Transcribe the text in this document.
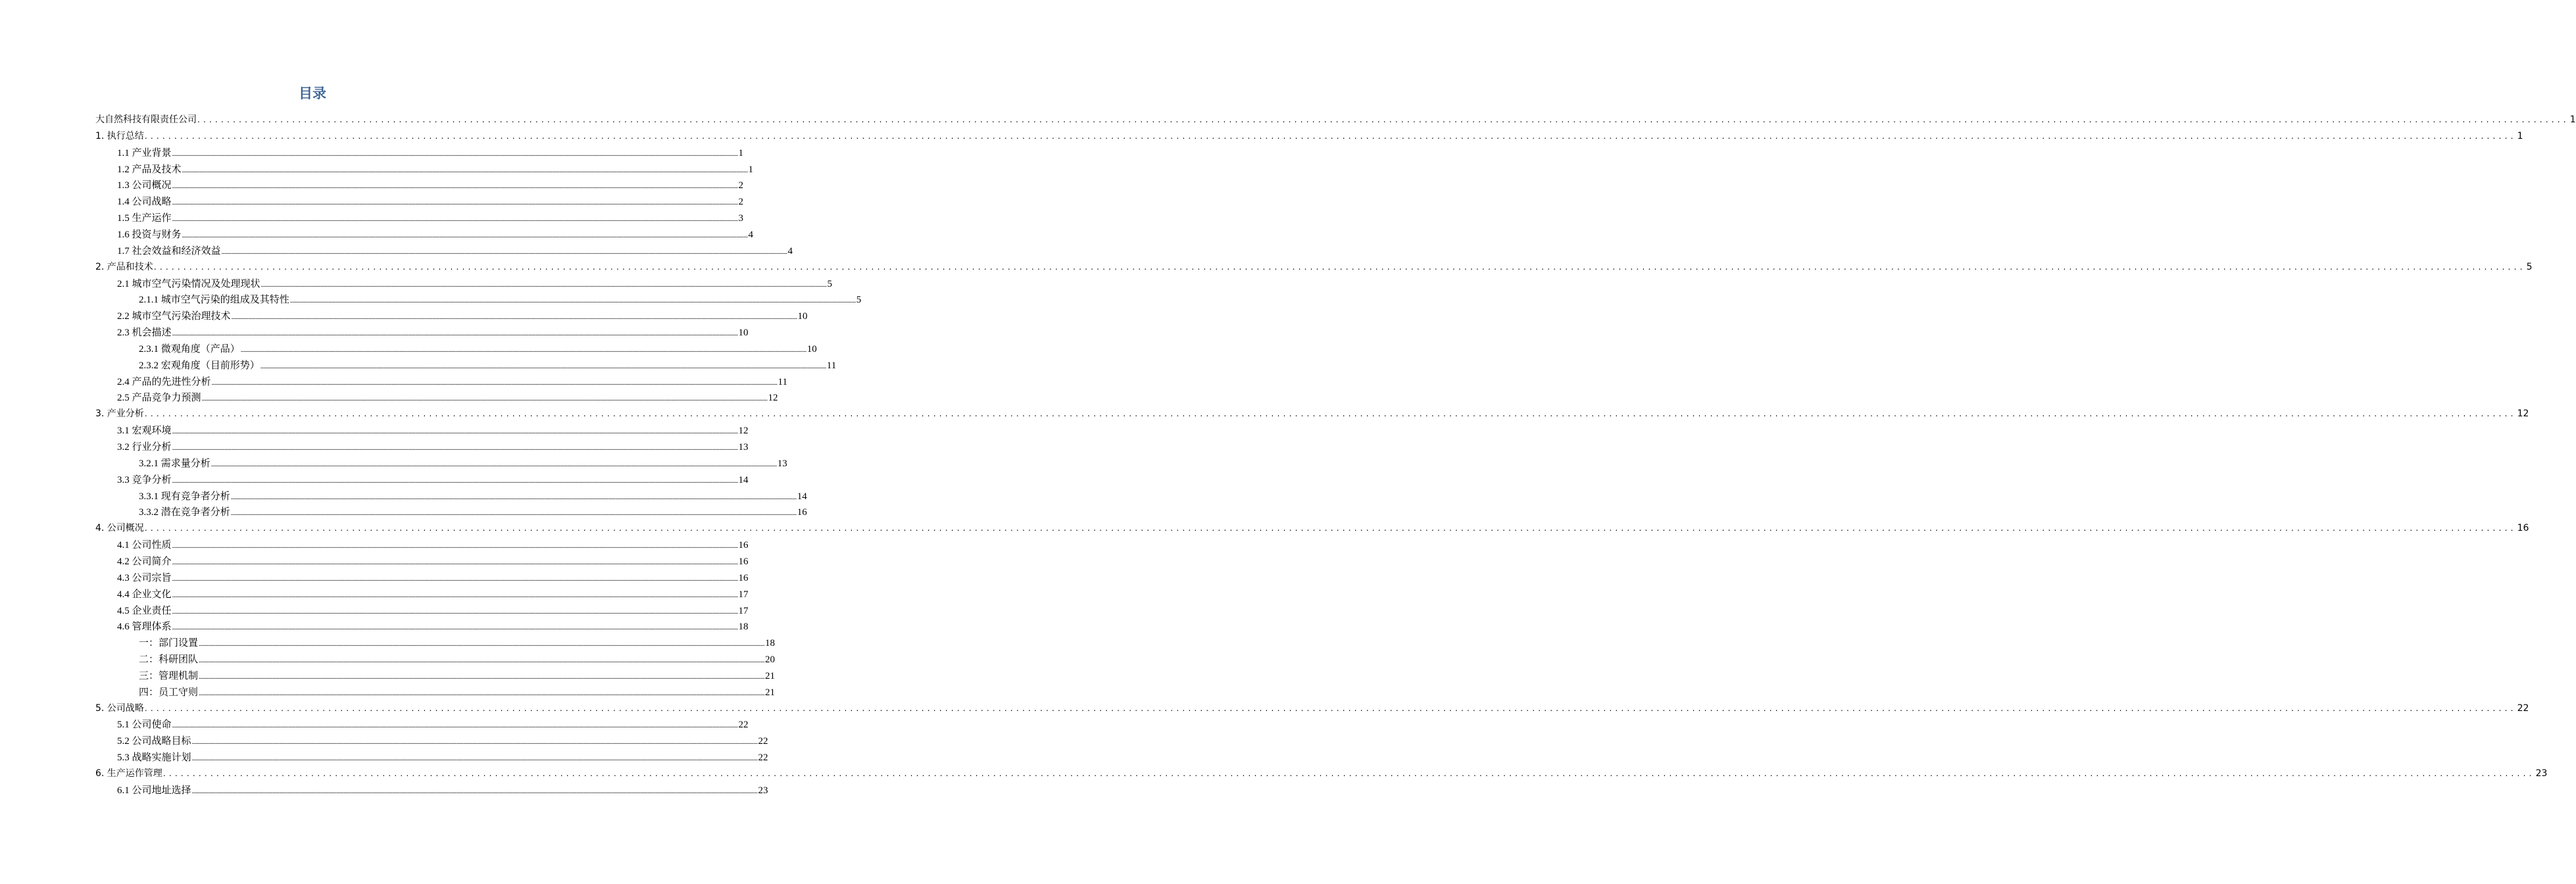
目录
大自然科技有限责任公司 ................................................................................................................................................................................................................................................................................................................................................................................................................ 1
1. 执行总结 ................................................................................................................................................................................................................................................................................................................................................................................................................ 1
1.1 产业背景 ................................................................................................................................................................................................................................................................................................................................................................................................................ 1
1.2 产品及技术 ................................................................................................................................................................................................................................................................................................................................................................................................................ 1
1.3 公司概况 ................................................................................................................................................................................................................................................................................................................................................................................................................ 2
1.4 公司战略 ................................................................................................................................................................................................................................................................................................................................................................................................................ 2
1.5 生产运作 ................................................................................................................................................................................................................................................................................................................................................................................................................ 3
1.6 投资与财务 ................................................................................................................................................................................................................................................................................................................................................................................................................ 4
1.7 社会效益和经济效益 ................................................................................................................................................................................................................................................................................................................................................................................................................ 4
2. 产品和技术 ................................................................................................................................................................................................................................................................................................................................................................................................................ 5
2.1 城市空气污染情况及处理现状 ................................................................................................................................................................................................................................................................................................................................................................................................................ 5
2.1.1 城市空气污染的组成及其特性 ................................................................................................................................................................................................................................................................................................................................................................................................................ 5
2.2 城市空气污染治理技术 ................................................................................................................................................................................................................................................................................................................................................................................................................ 10
2.3 机会描述 ................................................................................................................................................................................................................................................................................................................................................................................................................ 10
2.3.1 微观角度（产品） ................................................................................................................................................................................................................................................................................................................................................................................................................ 10
2.3.2 宏观角度（目前形势） ................................................................................................................................................................................................................................................................................................................................................................................................................ 11
2.4 产品的先进性分析 ................................................................................................................................................................................................................................................................................................................................................................................................................ 11
2.5 产品竞争力预测 ................................................................................................................................................................................................................................................................................................................................................................................................................ 12
3. 产业分析 ................................................................................................................................................................................................................................................................................................................................................................................................................ 12
3.1 宏观环境 ................................................................................................................................................................................................................................................................................................................................................................................................................ 12
3.2 行业分析 ................................................................................................................................................................................................................................................................................................................................................................................................................ 13
3.2.1 需求量分析 ................................................................................................................................................................................................................................................................................................................................................................................................................ 13
3.3 竞争分析 ................................................................................................................................................................................................................................................................................................................................................................................................................ 14
3.3.1 现有竞争者分析 ................................................................................................................................................................................................................................................................................................................................................................................................................ 14
3.3.2 潜在竞争者分析 ................................................................................................................................................................................................................................................................................................................................................................................................................ 16
4. 公司概况 ................................................................................................................................................................................................................................................................................................................................................................................................................ 16
4.1 公司性质 ................................................................................................................................................................................................................................................................................................................................................................................................................ 16
4.2 公司简介 ................................................................................................................................................................................................................................................................................................................................................................................................................ 16
4.3 公司宗旨 ................................................................................................................................................................................................................................................................................................................................................................................................................ 16
4.4 企业文化 ................................................................................................................................................................................................................................................................................................................................................................................................................ 17
4.5 企业责任 ................................................................................................................................................................................................................................................................................................................................................................................................................ 17
4.6 管理体系 ................................................................................................................................................................................................................................................................................................................................................................................................................ 18
一：部门设置 ................................................................................................................................................................................................................................................................................................................................................................................................................ 18
二：科研团队 ................................................................................................................................................................................................................................................................................................................................................................................................................ 20
三：管理机制 ................................................................................................................................................................................................................................................................................................................................................................................................................ 21
四：员工守则 ................................................................................................................................................................................................................................................................................................................................................................................................................ 21
5. 公司战略 ................................................................................................................................................................................................................................................................................................................................................................................................................ 22
5.1 公司使命 ................................................................................................................................................................................................................................................................................................................................................................................................................ 22
5.2 公司战略目标 ................................................................................................................................................................................................................................................................................................................................................................................................................ 22
5.3 战略实施计划 ................................................................................................................................................................................................................................................................................................................................................................................................................ 22
6. 生产运作管理 ................................................................................................................................................................................................................................................................................................................................................................................................................ 23
6.1 公司地址选择 ................................................................................................................................................................................................................................................................................................................................................................................................................ 23
